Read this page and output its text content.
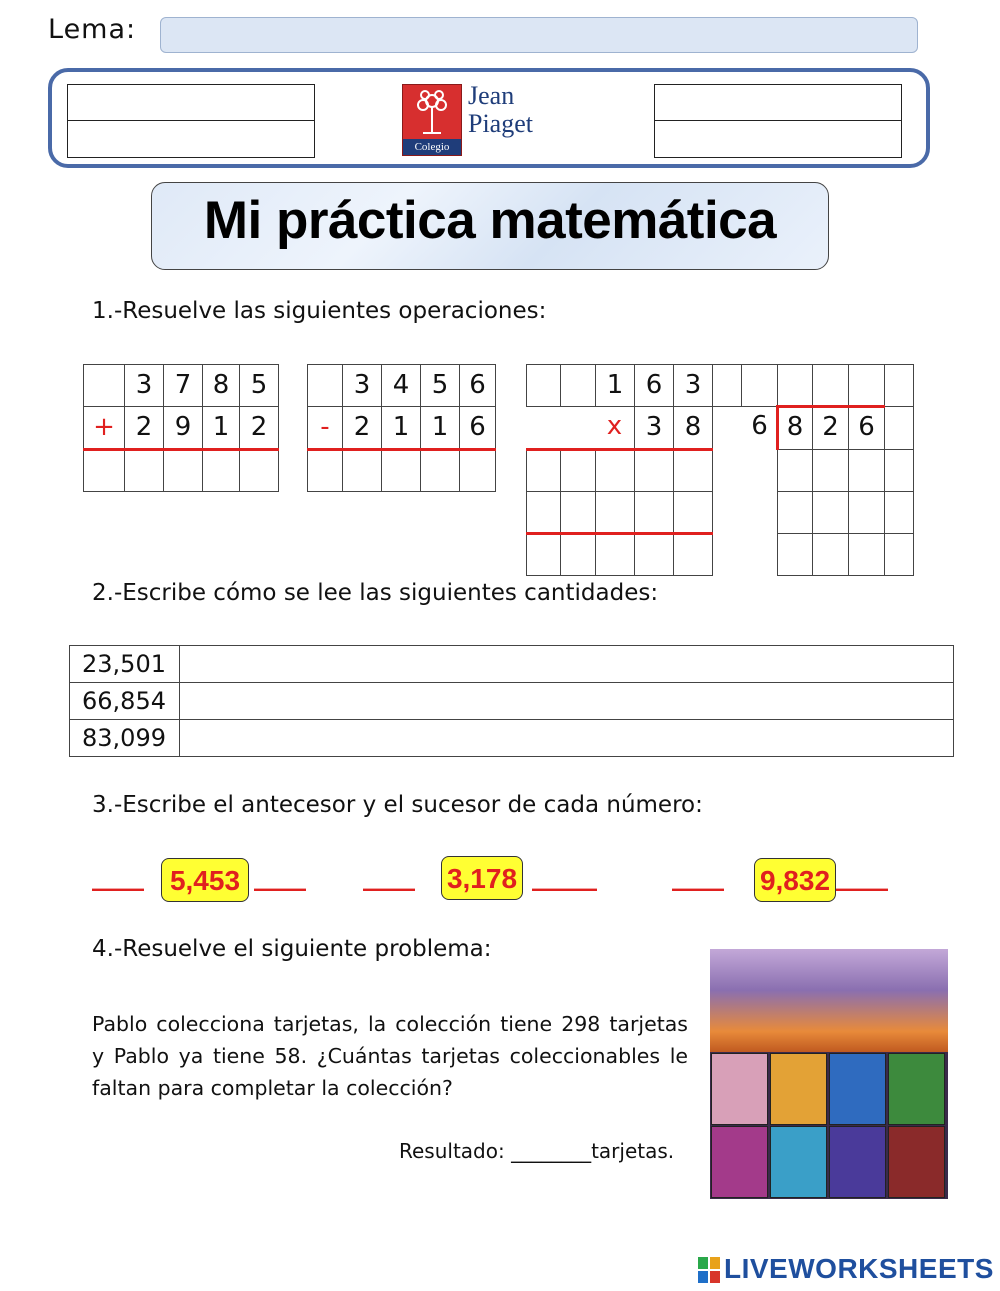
Lema:
Colegio
Jean
Piaget
Mi práctica matemática
1.-Resuelve las siguientes operaciones:
3 7 8 5
+ 2 9 1 2
3 4 5 6
- 2 1 1 6
1 6 3
x 3 8	6 8 2 6
2.-Escribe cómo se lee las siguientes cantidades:
23,501	
66,854	
83,099	
3.-Escribe el antecesor y el sucesor de cada número:
____ 5,453 ____ ____ 3,178 _____	____ 9,832 ____
4.-Resuelve el siguiente problema:
Pablo colecciona tarjetas, la colección tiene 298 tarjetas y Pablo ya tiene 58. ¿Cuántas tarjetas coleccionables le faltan para completar la colección?
Resultado: ________tarjetas.
LIVEWORKSHEETS
